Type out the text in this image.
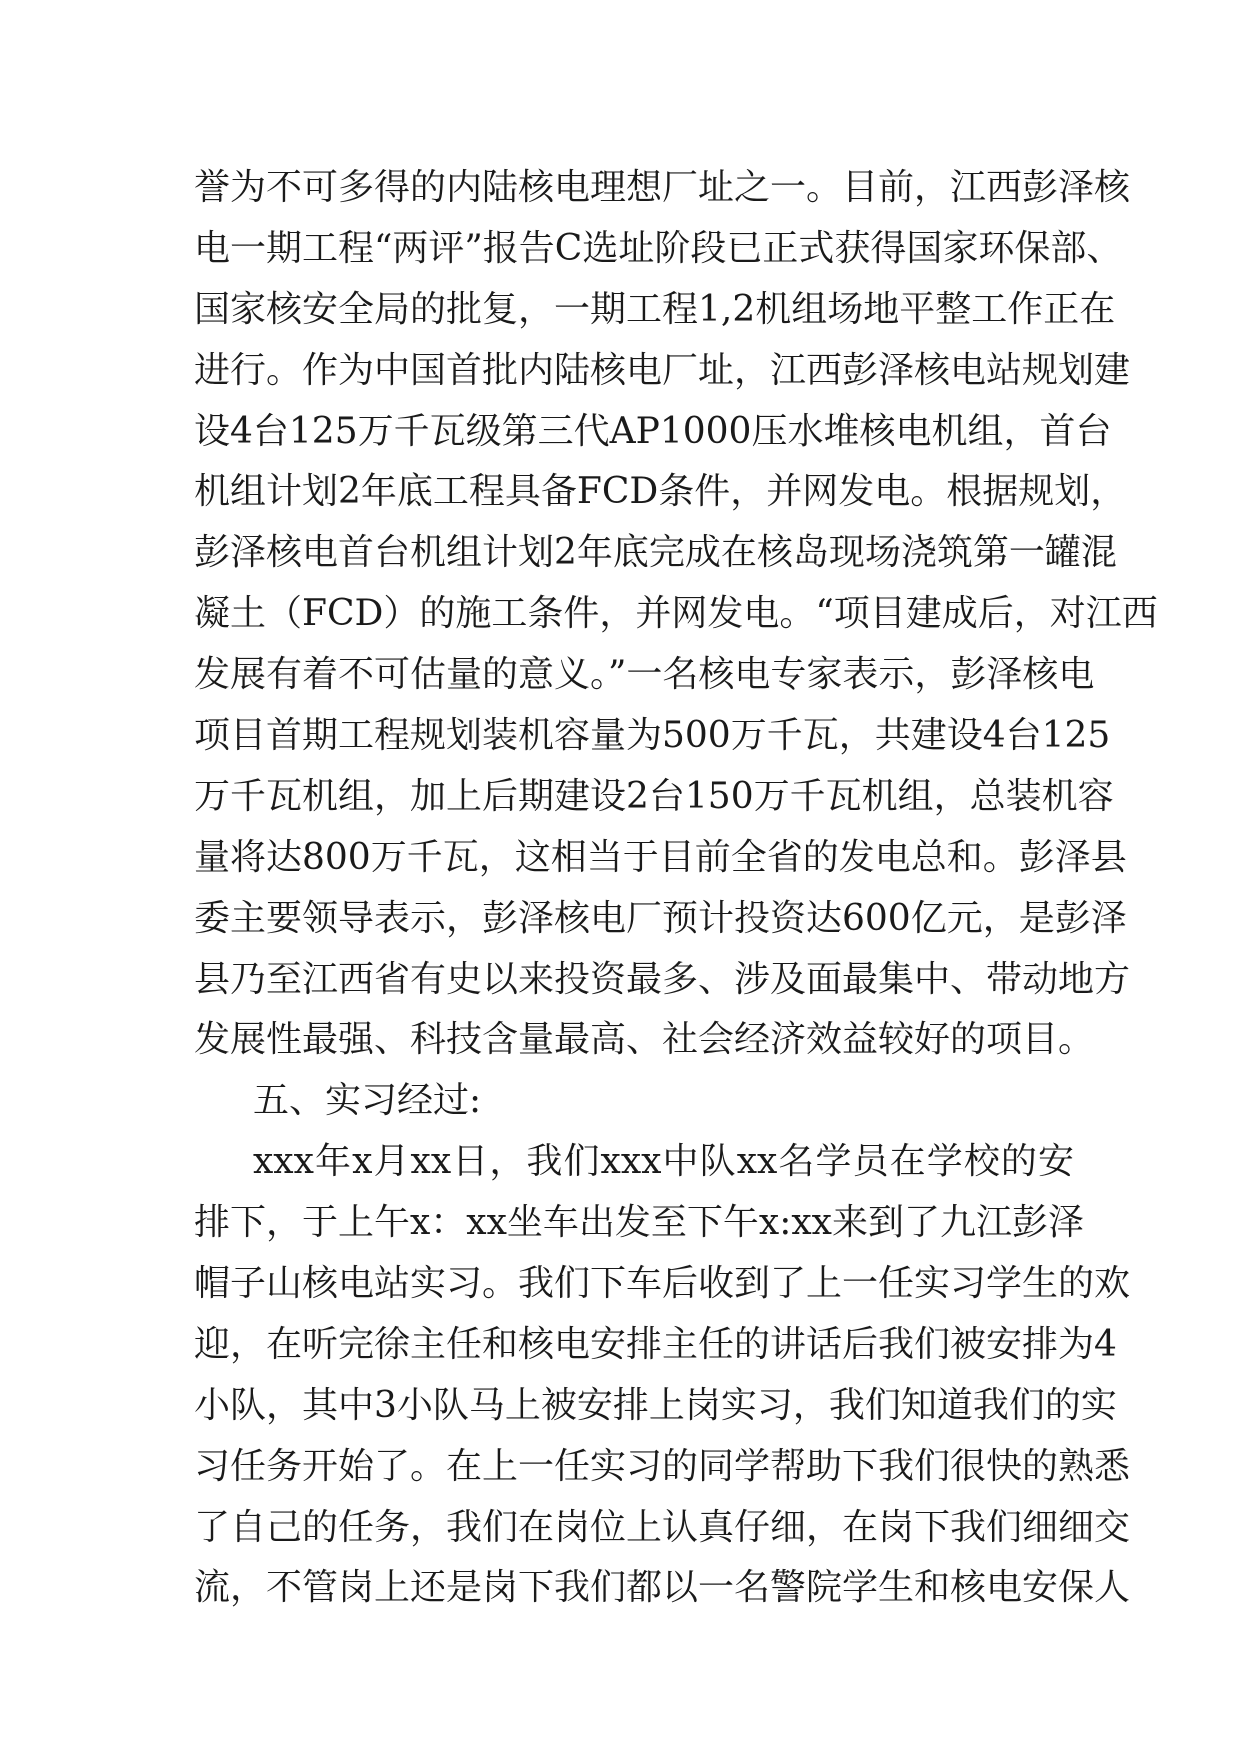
誉为不可多得的内陆核电理想厂址之一。目前，江西彭泽核
电一期工程“两评”报告C选址阶段已正式获得国家环保部、
国家核安全局的批复，一期工程1,2机组场地平整工作正在
进行。作为中国首批内陆核电厂址，江西彭泽核电站规划建
设4台125万千瓦级第三代AP1000压水堆核电机组，首台
机组计划2年底工程具备FCD条件，并网发电。根据规划，
彭泽核电首台机组计划2年底完成在核岛现场浇筑第一罐混
凝土（FCD）的施工条件，并网发电。“项目建成后，对江西
发展有着不可估量的意义。”一名核电专家表示，彭泽核电
项目首期工程规划装机容量为500万千瓦，共建设4台125
万千瓦机组，加上后期建设2台150万千瓦机组，总装机容
量将达800万千瓦，这相当于目前全省的发电总和。彭泽县
委主要领导表示，彭泽核电厂预计投资达600亿元，是彭泽
县乃至江西省有史以来投资最多、涉及面最集中、带动地方
发展性最强、科技含量最高、社会经济效益较好的项目。
五、实习经过:
xxx年x月xx日，我们xxx中队xx名学员在学校的安
排下，于上午x：xx坐车出发至下午x:xx来到了九江彭泽
帽子山核电站实习。我们下车后收到了上一任实习学生的欢
迎，在听完徐主任和核电安排主任的讲话后我们被安排为4
小队，其中3小队马上被安排上岗实习，我们知道我们的实
习任务开始了。在上一任实习的同学帮助下我们很快的熟悉
了自己的任务，我们在岗位上认真仔细，在岗下我们细细交
流，不管岗上还是岗下我们都以一名警院学生和核电安保人
